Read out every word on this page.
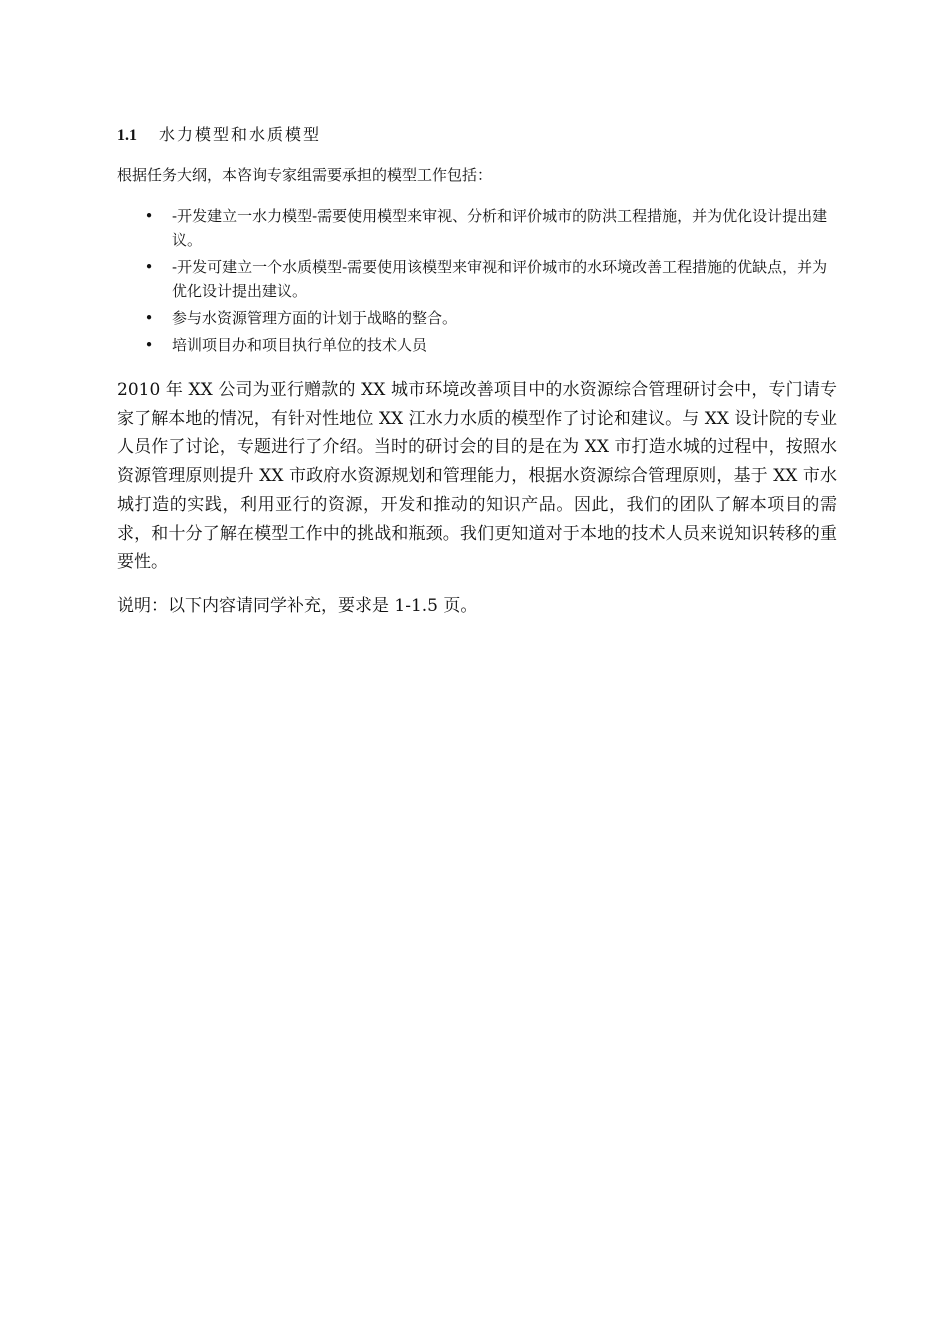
1.1 水力模型和水质模型
根据任务大纲，本咨询专家组需要承担的模型工作包括：
• -开发建立一水力模型-需要使用模型来审视、分析和评价城市的防洪工程措施，并为优化设计提出建议。
• -开发可建立一个水质模型-需要使用该模型来审视和评价城市的水环境改善工程措施的优缺点，并为优化设计提出建议。
• 参与水资源管理方面的计划于战略的整合。
• 培训项目办和项目执行单位的技术人员

2010 年 XX 公司为亚行赠款的 XX 城市环境改善项目中的水资源综合管理研讨会中，专门请专家了解本地的情况，有针对性地位 XX 江水力水质的模型作了讨论和建议。与 XX 设计院的专业人员作了讨论，专题进行了介绍。当时的研讨会的目的是在为 XX 市打造水城的过程中，按照水资源管理原则提升 XX 市政府水资源规划和管理能力，根据水资源综合管理原则，基于 XX 市水城打造的实践，利用亚行的资源，开发和推动的知识产品。因此，我们的团队了解本项目的需求，和十分了解在模型工作中的挑战和瓶颈。我们更知道对于本地的技术人员来说知识转移的重要性。

说明：以下内容请同学补充，要求是 1-1.5 页。
